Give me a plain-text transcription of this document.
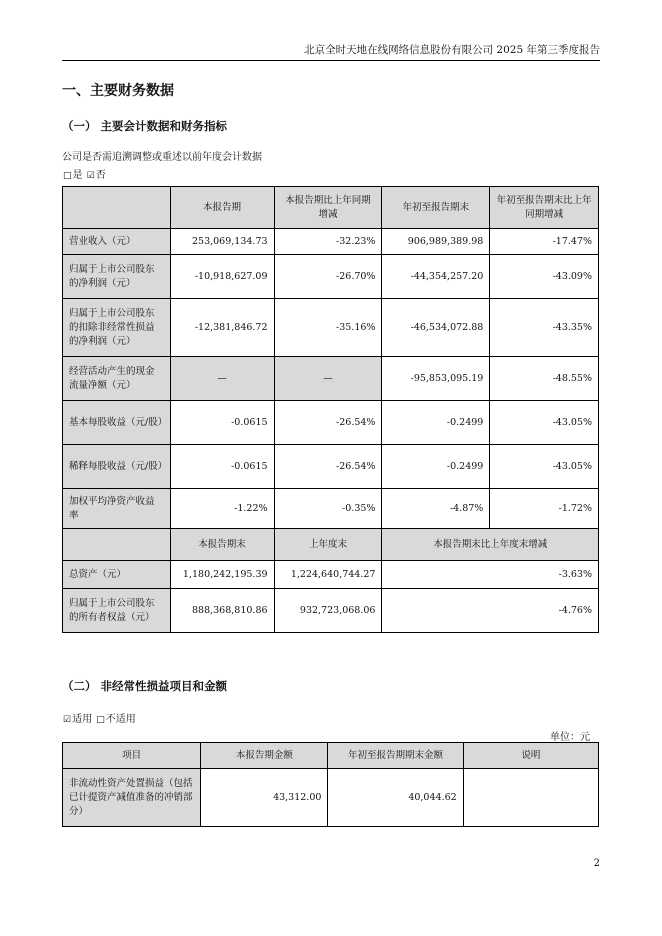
北京全时天地在线网络信息股份有限公司 2025 年第三季度报告
一、主要财务数据
（一） 主要会计数据和财务指标
公司是否需追溯调整或重述以前年度会计数据
□是 ☑否
	本报告期	本报告期比上年同期增减	年初至报告期末	年初至报告期末比上年同期增减
营业收入（元）	253,069,134.73	-32.23%	906,989,389.98	-17.47%
归属于上市公司股东的净利润（元）	-10,918,627.09	-26.70%	-44,354,257.20	-43.09%
归属于上市公司股东的扣除非经常性损益的净利润（元）	-12,381,846.72	-35.16%	-46,534,072.88	-43.35%
经营活动产生的现金流量净额（元）	—	—	-95,853,095.19	-48.55%
基本每股收益（元/股）	-0.0615	-26.54%	-0.2499	-43.05%
稀释每股收益（元/股）	-0.0615	-26.54%	-0.2499	-43.05%
加权平均净资产收益率	-1.22%	-0.35%	-4.87%	-1.72%
	本报告期末	上年度末	本报告期末比上年度末增减	
总资产（元）	1,180,242,195.39	1,224,640,744.27	-3.63%	
归属于上市公司股东的所有者权益（元）	888,368,810.86	932,723,068.06	-4.76%	
（二） 非经常性损益项目和金额
☑适用 □不适用
单位：元
项目	本报告期金额	年初至报告期期末金额	说明
非流动性资产处置损益（包括已计提资产减值准备的冲销部分）	43,312.00	40,044.62	
2
